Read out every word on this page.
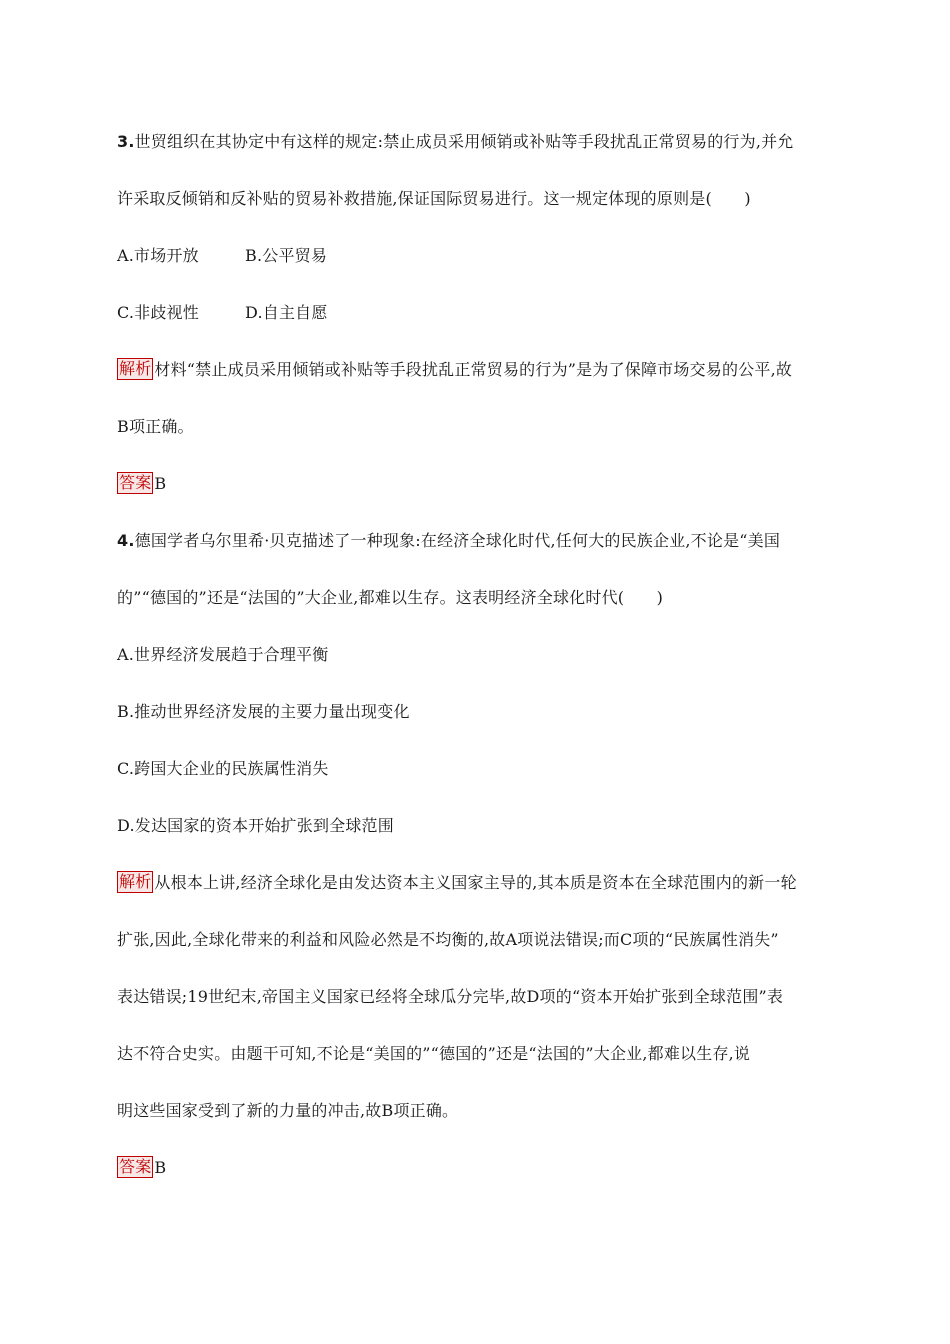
3.世贸组织在其协定中有这样的规定:禁止成员采用倾销或补贴等手段扰乱正常贸易的行为,并允
许采取反倾销和反补贴的贸易补救措施,保证国际贸易进行。这一规定体现的原则是(　　)
A.市场开放	B.公平贸易
C.非歧视性	D.自主自愿
解析 材料“禁止成员采用倾销或补贴等手段扰乱正常贸易的行为”是为了保障市场交易的公平,故
B项正确。
答案 B
4.德国学者乌尔里希·贝克描述了一种现象:在经济全球化时代,任何大的民族企业,不论是“美国
的”“德国的”还是“法国的”大企业,都难以生存。这表明经济全球化时代(　　)
A.世界经济发展趋于合理平衡
B.推动世界经济发展的主要力量出现变化
C.跨国大企业的民族属性消失
D.发达国家的资本开始扩张到全球范围
解析 从根本上讲,经济全球化是由发达资本主义国家主导的,其本质是资本在全球范围内的新一轮
扩张,因此,全球化带来的利益和风险必然是不均衡的,故A项说法错误;而C项的“民族属性消失”
表达错误;19世纪末,帝国主义国家已经将全球瓜分完毕,故D项的“资本开始扩张到全球范围”表
达不符合史实。由题干可知,不论是“美国的”“德国的”还是“法国的”大企业,都难以生存,说
明这些国家受到了新的力量的冲击,故B项正确。
答案 B
